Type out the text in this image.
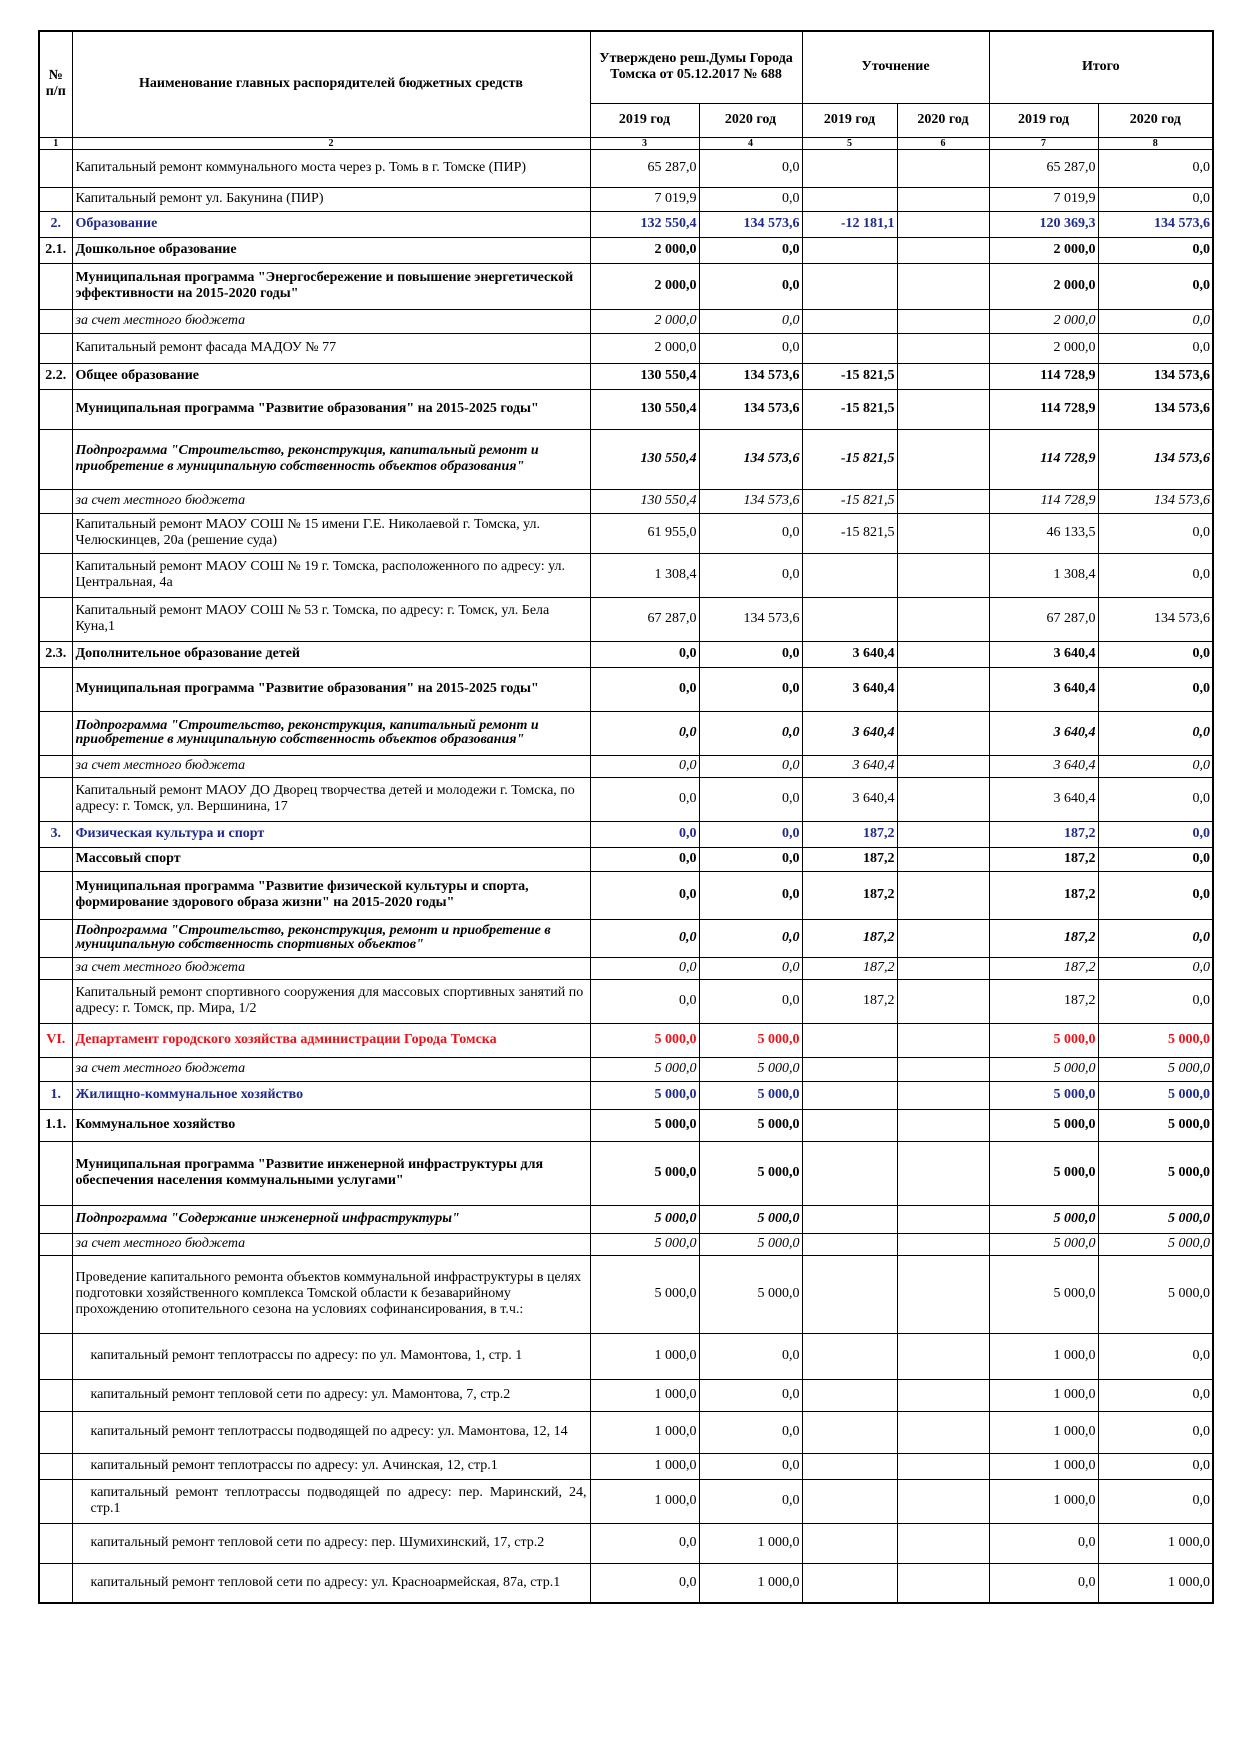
№ п/п	Наименование главных распорядителей бюджетных средств	Утверждено реш.Думы Города Томска от 05.12.2017 № 688		Уточнение		Итого	
		2019 год	2020 год	2019 год	2020 год	2019 год	2020 год
1	2	3	4	5	6	7	8
	Капитальный ремонт коммунального моста через р. Томь в г. Томске (ПИР)	65 287,0	0,0			65 287,0	0,0
	Капитальный ремонт ул. Бакунина (ПИР)	7 019,9	0,0			7 019,9	0,0
2.	Образование	132 550,4	134 573,6	-12 181,1		120 369,3	134 573,6
2.1.	Дошкольное образование	2 000,0	0,0			2 000,0	0,0
	Муниципальная программа "Энергосбережение и повышение энергетической эффективности на 2015-2020 годы"	2 000,0	0,0			2 000,0	0,0
	за счет местного бюджета	2 000,0	0,0			2 000,0	0,0
	Капитальный ремонт фасада МАДОУ № 77	2 000,0	0,0			2 000,0	0,0
2.2.	Общее образование	130 550,4	134 573,6	-15 821,5		114 728,9	134 573,6
	Муниципальная программа "Развитие образования" на 2015-2025 годы"	130 550,4	134 573,6	-15 821,5		114 728,9	134 573,6
	Подпрограмма "Строительство, реконструкция, капитальный ремонт и приобретение в муниципальную собственность объектов образования"	130 550,4	134 573,6	-15 821,5		114 728,9	134 573,6
	за счет местного бюджета	130 550,4	134 573,6	-15 821,5		114 728,9	134 573,6
	Капитальный ремонт МАОУ СОШ № 15 имени Г.Е. Николаевой г. Томска, ул. Челюскинцев, 20а (решение суда)	61 955,0	0,0	-15 821,5		46 133,5	0,0
	Капитальный ремонт МАОУ СОШ № 19 г. Томска, расположенного по адресу: ул. Центральная, 4а	1 308,4	0,0			1 308,4	0,0
	Капитальный ремонт МАОУ СОШ № 53 г. Томска, по адресу: г. Томск, ул. Бела Куна,1	67 287,0	134 573,6			67 287,0	134 573,6
2.3.	Дополнительное образование детей	0,0	0,0	3 640,4		3 640,4	0,0
	Муниципальная программа "Развитие образования" на 2015-2025 годы"	0,0	0,0	3 640,4		3 640,4	0,0
	Подпрограмма "Строительство, реконструкция, капитальный ремонт и приобретение в муниципальную собственность объектов образования"	0,0	0,0	3 640,4		3 640,4	0,0
	за счет местного бюджета	0,0	0,0	3 640,4		3 640,4	0,0
	Капитальный ремонт МАОУ ДО Дворец творчества детей и молодежи г. Томска, по адресу: г. Томск, ул. Вершинина, 17	0,0	0,0	3 640,4		3 640,4	0,0
3.	Физическая культура и спорт	0,0	0,0	187,2		187,2	0,0
	Массовый спорт	0,0	0,0	187,2		187,2	0,0
	Муниципальная программа "Развитие физической культуры и спорта, формирование здорового образа жизни" на 2015-2020 годы"	0,0	0,0	187,2		187,2	0,0
	Подпрограмма "Строительство, реконструкция, ремонт и приобретение в муниципальную собственность спортивных объектов"	0,0	0,0	187,2		187,2	0,0
	за счет местного бюджета	0,0	0,0	187,2		187,2	0,0
	Капитальный ремонт спортивного сооружения для массовых спортивных занятий по адресу: г. Томск, пр. Мира, 1/2	0,0	0,0	187,2		187,2	0,0
VI.	Департамент городского хозяйства администрации Города Томска	5 000,0	5 000,0			5 000,0	5 000,0
	за счет местного бюджета	5 000,0	5 000,0			5 000,0	5 000,0
1.	Жилищно-коммунальное хозяйство	5 000,0	5 000,0			5 000,0	5 000,0
1.1.	Коммунальное хозяйство	5 000,0	5 000,0			5 000,0	5 000,0
	Муниципальная программа "Развитие инженерной инфраструктуры для обеспечения населения коммунальными услугами"	5 000,0	5 000,0			5 000,0	5 000,0
	Подпрограмма "Содержание инженерной инфраструктуры"	5 000,0	5 000,0			5 000,0	5 000,0
	за счет местного бюджета	5 000,0	5 000,0			5 000,0	5 000,0
	Проведение капитального ремонта объектов коммунальной инфраструктуры в целях подготовки хозяйственного комплекса Томской области к безаварийному прохождению отопительного сезона на условиях софинансирования, в т.ч.:	5 000,0	5 000,0			5 000,0	5 000,0
	капитальный ремонт теплотрассы по адресу: по ул. Мамонтова, 1, стр. 1	1 000,0	0,0			1 000,0	0,0
	капитальный ремонт тепловой сети по адресу: ул. Мамонтова, 7, стр.2	1 000,0	0,0			1 000,0	0,0
	капитальный ремонт теплотрассы подводящей по адресу: ул. Мамонтова, 12, 14	1 000,0	0,0			1 000,0	0,0
	капитальный ремонт теплотрассы по адресу: ул. Ачинская, 12, стр.1	1 000,0	0,0			1 000,0	0,0
	капитальный ремонт теплотрассы подводящей по адресу: пер. Маринский, 24, стр.1	1 000,0	0,0			1 000,0	0,0
	капитальный ремонт тепловой сети по адресу: пер. Шумихинский, 17, стр.2	0,0	1 000,0			0,0	1 000,0
	капитальный ремонт тепловой сети по адресу: ул. Красноармейская, 87а, стр.1	0,0	1 000,0			0,0	1 000,0
